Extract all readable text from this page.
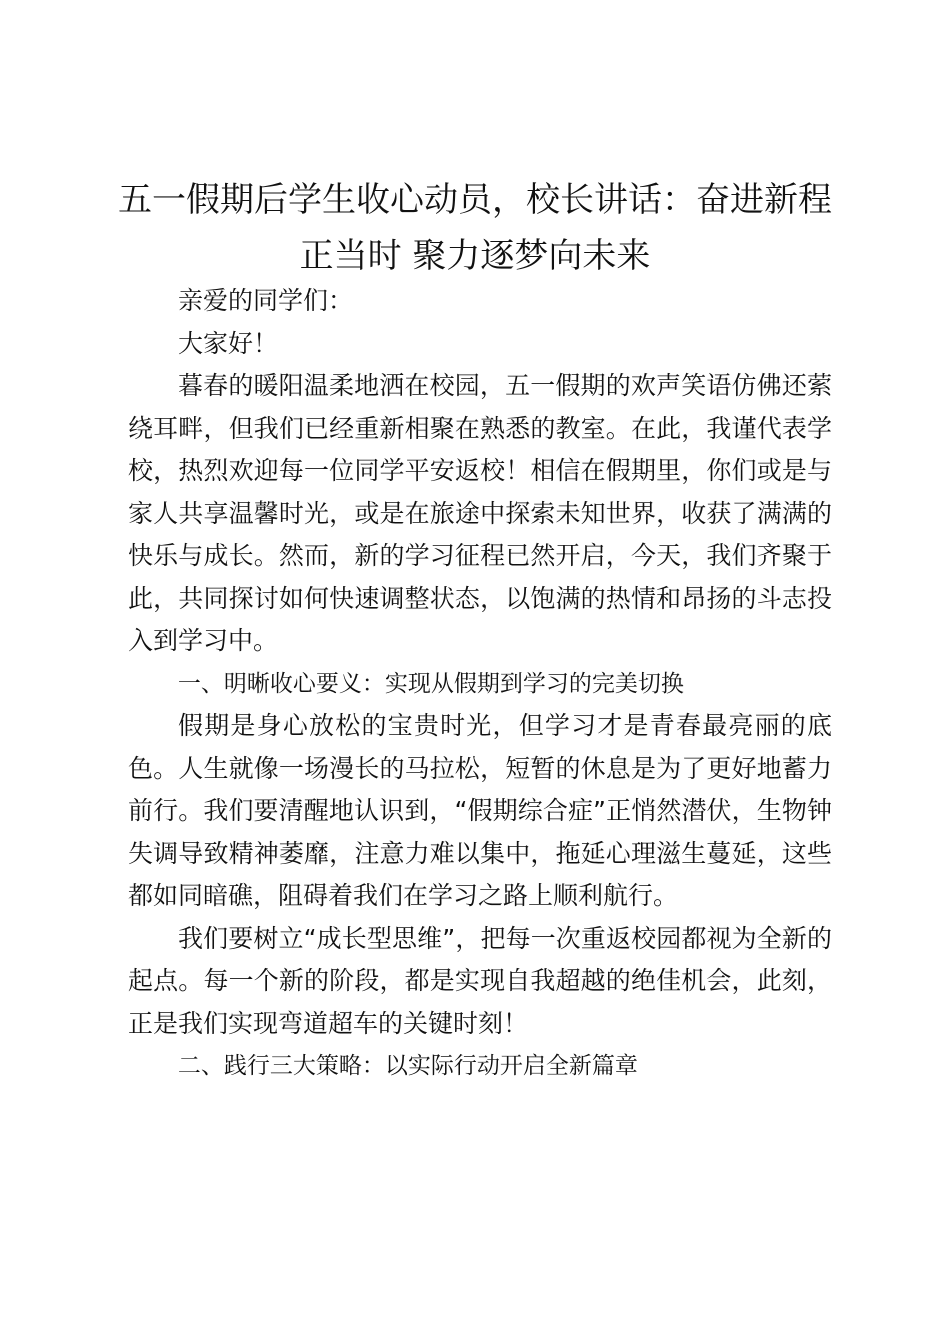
五一假期后学生收心动员，校长讲话：奋进新程正当时 聚力逐梦向未来

亲爱的同学们：

大家好！

暮春的暖阳温柔地洒在校园，五一假期的欢声笑语仿佛还萦绕耳畔，但我们已经重新相聚在熟悉的教室。在此，我谨代表学校，热烈欢迎每一位同学平安返校！相信在假期里，你们或是与家人共享温馨时光，或是在旅途中探索未知世界，收获了满满的快乐与成长。然而，新的学习征程已然开启，今天，我们齐聚于此，共同探讨如何快速调整状态，以饱满的热情和昂扬的斗志投入到学习中。

一、明晰收心要义：实现从假期到学习的完美切换

假期是身心放松的宝贵时光，但学习才是青春最亮丽的底色。人生就像一场漫长的马拉松，短暂的休息是为了更好地蓄力前行。我们要清醒地认识到，“假期综合症”正悄然潜伏，生物钟失调导致精神萎靡，注意力难以集中，拖延心理滋生蔓延，这些都如同暗礁，阻碍着我们在学习之路上顺利航行。

我们要树立“成长型思维”，把每一次重返校园都视为全新的起点。每一个新的阶段，都是实现自我超越的绝佳机会，此刻，正是我们实现弯道超车的关键时刻！

二、践行三大策略：以实际行动开启全新篇章
